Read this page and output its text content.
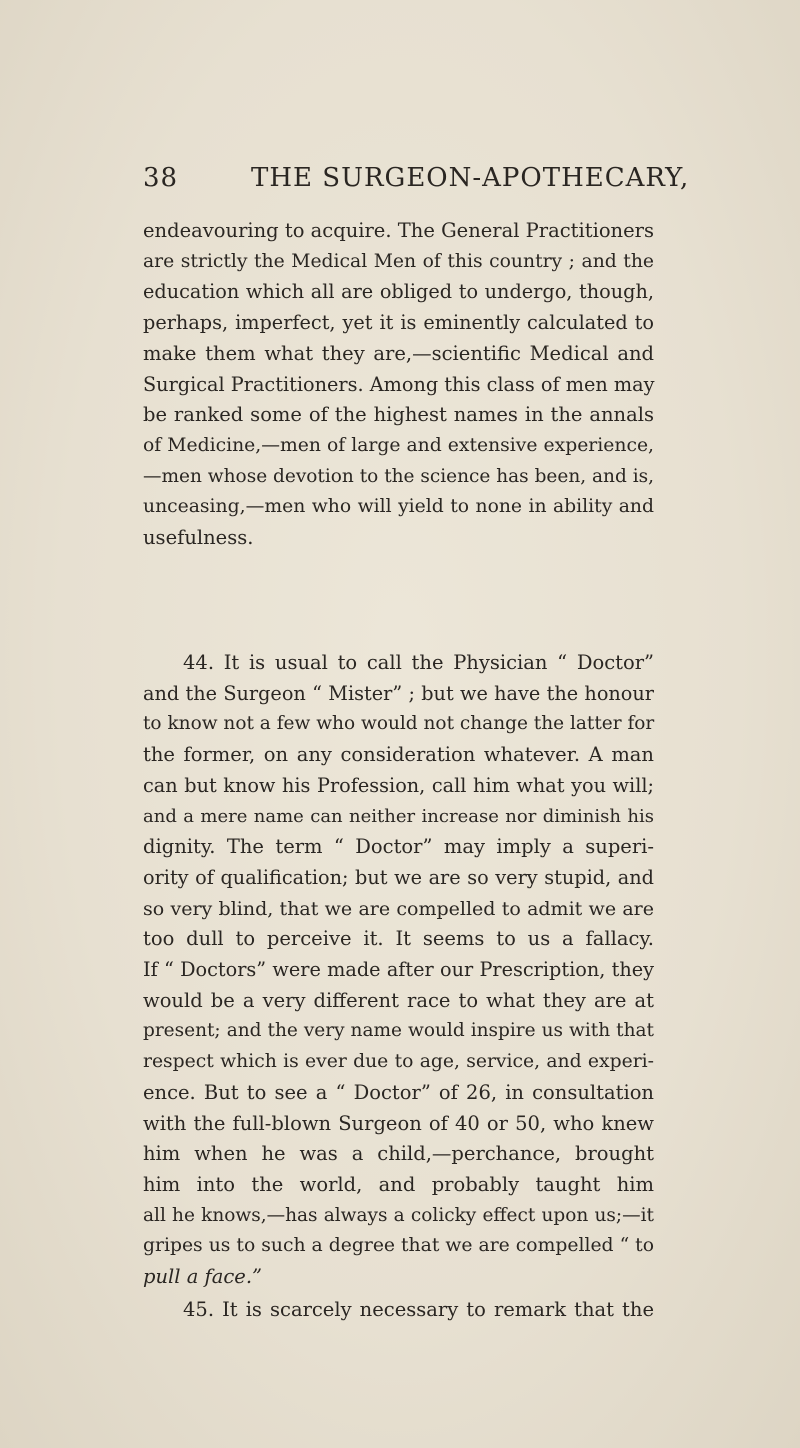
38	THE SURGEON-APOTHECARY,
endeavouring to acquire. The General Practitioners
are strictly the Medical Men of this country ; and the
education which all are obliged to undergo, though,
perhaps, imperfect, yet it is eminently calculated to
make them what they are,—scientific Medical and
Surgical Practitioners. Among this class of men may
be ranked some of the highest names in the annals
of Medicine,—men of large and extensive experience,
—men whose devotion to the science has been, and is,
unceasing,—men who will yield to none in ability and
usefulness.
44. It is usual to call the Physician “ Doctor”
and the Surgeon “ Mister” ; but we have the honour
to know not a few who would not change the latter for
the former, on any consideration whatever. A man
can but know his Profession, call him what you will;
and a mere name can neither increase nor diminish his
dignity. The term “ Doctor” may imply a superi-
ority of qualification; but we are so very stupid, and
so very blind, that we are compelled to admit we are
too dull to perceive it. It seems to us a fallacy.
If “ Doctors” were made after our Prescription, they
would be a very different race to what they are at
present; and the very name would inspire us with that
respect which is ever due to age, service, and experi-
ence. But to see a “ Doctor” of 26, in consultation
with the full-blown Surgeon of 40 or 50, who knew
him when he was a child,—perchance, brought
him into the world, and probably taught him
all he knows,—has always a colicky effect upon us;—it
gripes us to such a degree that we are compelled “ to
pull a face.”
45. It is scarcely necessary to remark that the
